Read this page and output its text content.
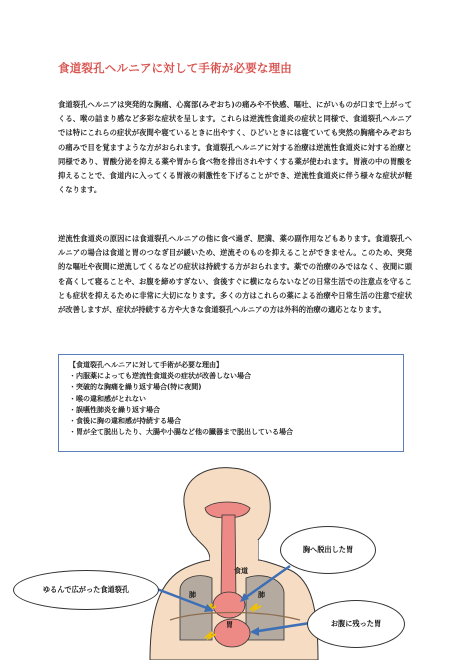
食道裂孔ヘルニアに対して手術が必要な理由
食道裂孔ヘルニアは突発的な胸痛、心窩部(みぞおち)の痛みや不快感、嘔吐、にがいものが口まで上がってくる、喉の詰まり感など多彩な症状を呈します。これらは逆流性食道炎の症状と同様で、食道裂孔ヘルニアでは特にこれらの症状が夜間や寝ているときに出やすく、ひどいときには寝ていても突然の胸痛やみぞおちの痛みで目を覚ますような方がおられます。食道裂孔ヘルニアに対する治療は逆流性食道炎に対する治療と同様であり、胃酸分泌を抑える薬や胃から食べ物を排出されやすくする薬が使われます。胃液の中の胃酸を抑えることで、食道内に入ってくる胃液の刺激性を下げることができ、逆流性食道炎に伴う様々な症状が軽くなります。
逆流性食道炎の原因には食道裂孔ヘルニアの他に食べ過ぎ、肥満、薬の副作用などもあります。食道裂孔ヘルニアの場合は食道と胃のつなぎ目が緩いため、逆流そのものを抑えることができません。このため、突発的な嘔吐や夜間に逆流してくるなどの症状は持続する方がおられます。薬での治療のみではなく、夜間に頭を高くして寝ることや、お腹を締めすぎない、食後すぐに横にならないなどの日常生活での注意点を守ることも症状を抑えるために非常に大切になります。多くの方はこれらの薬による治療や日常生活の注意で症状が改善しますが、症状が持続する方や大きな食道裂孔ヘルニアの方は外科的治療の適応となります。
【食道裂孔ヘルニアに対して手術が必要な理由】
・内服薬によっても逆流性食道炎の症状が改善しない場合
・突破的な胸痛を繰り返す場合(特に夜間)
・喉の違和感がとれない
・誤嚥性肺炎を繰り返す場合
・食後に胸の違和感が持続する場合
・胃が全て脱出したり、大腸や小腸など他の臓器まで脱出している場合
食道
肺	肺
胃
ゆるんで広がった食道裂孔
胸へ脱出した胃
お腹に残った胃
